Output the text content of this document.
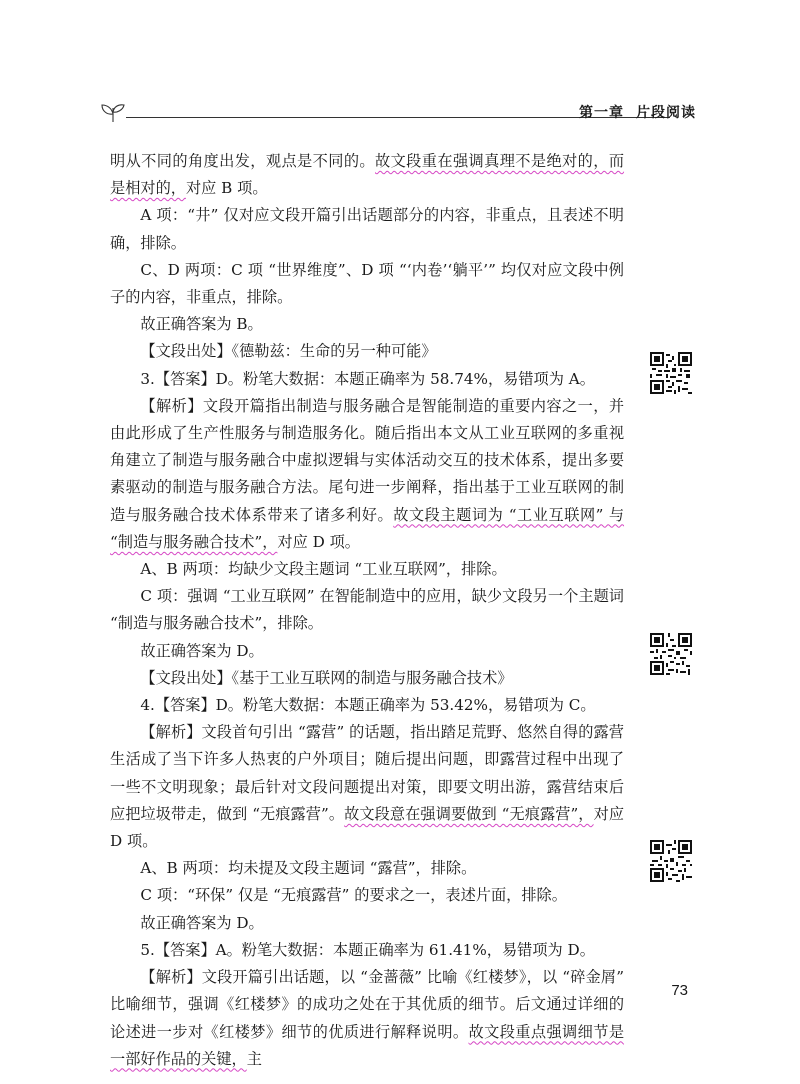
第一章 片段阅读

明从不同的角度出发，观点是不同的。故文段重在强调真理不是绝对的，而是相对的，对应 B 项。

A 项：“井” 仅对应文段开篇引出话题部分的内容，非重点，且表述不明确，排除。

C、D 两项：C 项 “世界维度”、D 项 “‘内卷’‘躺平’” 均仅对应文段中例子的内容，非重点，排除。

故正确答案为 B。

【文段出处】《德勒兹：生命的另一种可能》

3.【答案】D。粉笔大数据：本题正确率为 58.74%，易错项为 A。

【解析】文段开篇指出制造与服务融合是智能制造的重要内容之一，并由此形成了生产性服务与制造服务化。随后指出本文从工业互联网的多重视角建立了制造与服务融合中虚拟逻辑与实体活动交互的技术体系，提出多要素驱动的制造与服务融合方法。尾句进一步阐释，指出基于工业互联网的制造与服务融合技术体系带来了诸多利好。故文段主题词为 “工业互联网” 与 “制造与服务融合技术”，对应 D 项。

A、B 两项：均缺少文段主题词 “工业互联网”，排除。

C 项：强调 “工业互联网” 在智能制造中的应用，缺少文段另一个主题词 “制造与服务融合技术”，排除。

故正确答案为 D。

【文段出处】《基于工业互联网的制造与服务融合技术》

4.【答案】D。粉笔大数据：本题正确率为 53.42%，易错项为 C。

【解析】文段首句引出 “露营” 的话题，指出踏足荒野、悠然自得的露营生活成了当下许多人热衷的户外项目；随后提出问题，即露营过程中出现了一些不文明现象；最后针对文段问题提出对策，即要文明出游，露营结束后应把垃圾带走，做到 “无痕露营”。故文段意在强调要做到 “无痕露营”，对应 D 项。

A、B 两项：均未提及文段主题词 “露营”，排除。

C 项：“环保” 仅是 “无痕露营” 的要求之一，表述片面，排除。

故正确答案为 D。

5.【答案】A。粉笔大数据：本题正确率为 61.41%，易错项为 D。

【解析】文段开篇引出话题，以 “金蔷薇” 比喻《红楼梦》，以 “碎金屑” 比喻细节，强调《红楼梦》的成功之处在于其优质的细节。后文通过详细的论述进一步对《红楼梦》细节的优质进行解释说明。故文段重点强调细节是一部好作品的关键，主

73
